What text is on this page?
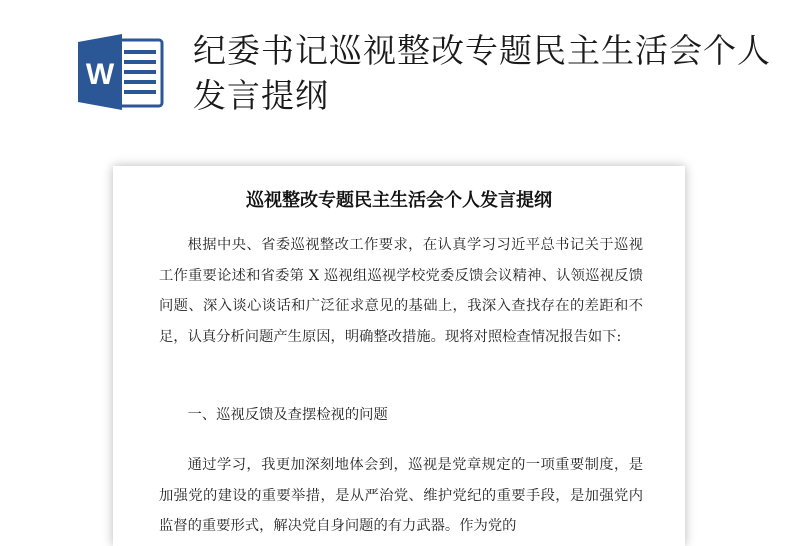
W
纪委书记巡视整改专题民主生活会个人发言提纲
巡视整改专题民主生活会个人发言提纲

根据中央、省委巡视整改工作要求，在认真学习习近平总书记关于巡视工作重要论述和省委第 X 巡视组巡视学校党委反馈会议精神、认领巡视反馈问题、深入谈心谈话和广泛征求意见的基础上，我深入查找存在的差距和不足，认真分析问题产生原因，明确整改措施。现将对照检查情况报告如下:

一、巡视反馈及查摆检视的问题

通过学习，我更加深刻地体会到，巡视是党章规定的一项重要制度，是加强党的建设的重要举措，是从严治党、维护党纪的重要手段，是加强党内监督的重要形式，解决党自身问题的有力武器。作为党的
